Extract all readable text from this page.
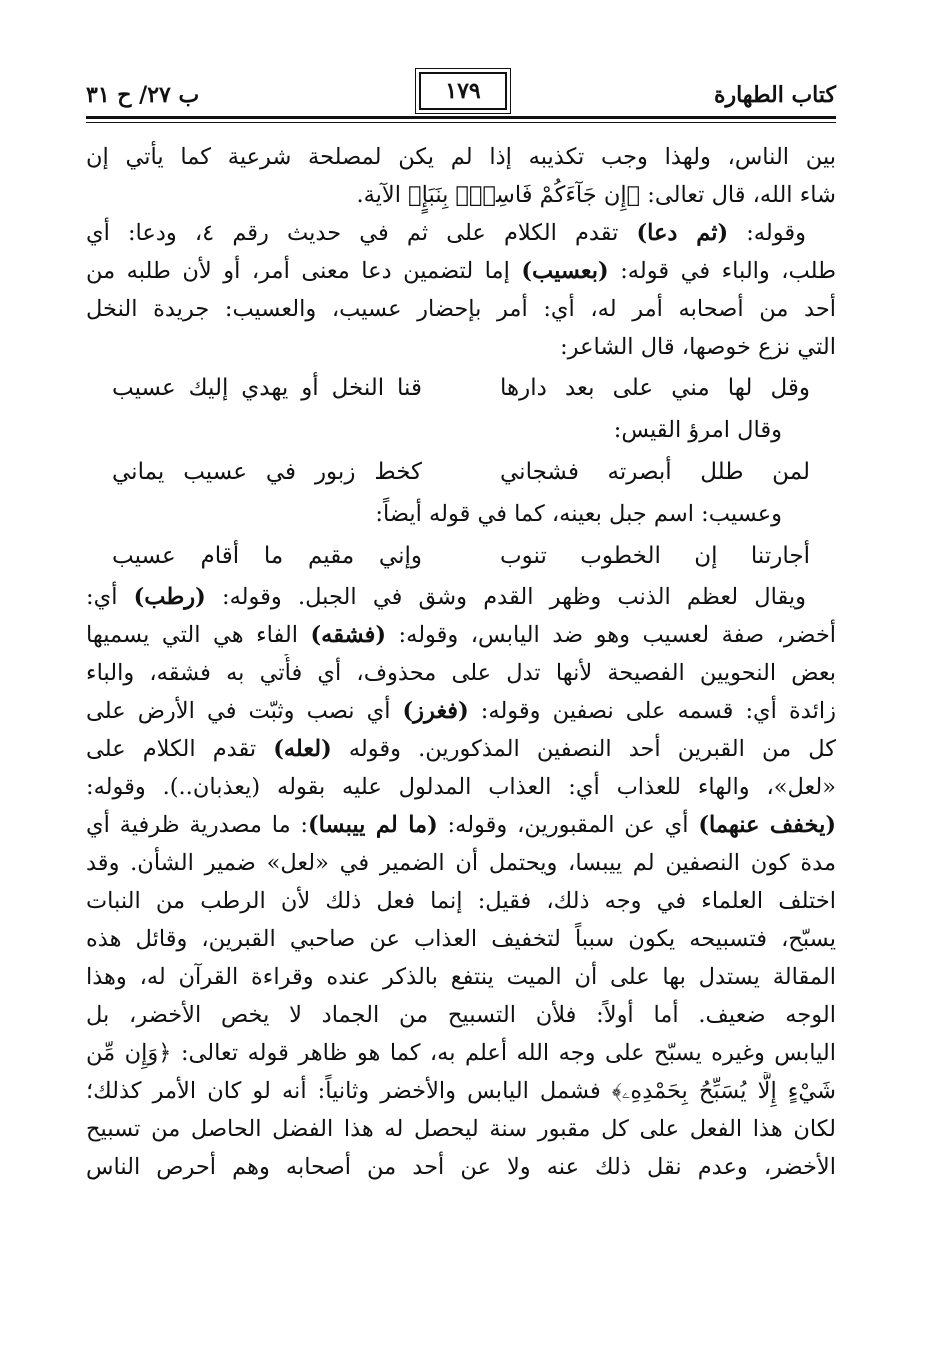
كتاب الطهارة
١٧٩
ب ٢٧/ ح ٣١
بين الناس، ولهذا وجب تكذيبه إذا لم يكن لمصلحة شرعية كما يأتي إن
شاء الله، قال تعالى: ﴿إِن جَآءَكُمْ فَاسِقُۢ بِنَبَإٍ﴾ الآية.
وقوله: (ثم دعا) تقدم الكلام على ثم في حديث رقم ٤، ودعا: أي
طلب، والباء في قوله: (بعسيب) إما لتضمين دعا معنى أمر، أو لأن طلبه من
أحد من أصحابه أمر له، أي: أمر بإحضار عسيب، والعسيب: جريدة النخل
التي نزع خوصها، قال الشاعر:
وقل لها مني على بعد دارها
قنا النخل أو يهدي إليك عسيب
وقال امرؤ القيس:
لمن طلل أبصرته فشجاني
كخط زبور في عسيب يماني
وعسيب: اسم جبل بعينه، كما في قوله أيضاً:
أجارتنا إن الخطوب تنوب
وإني مقيم ما أقام عسيب
ويقال لعظم الذنب وظهر القدم وشق في الجبل. وقوله: (رطب) أي:
أخضر، صفة لعسيب وهو ضد اليابس، وقوله: (فشقه) الفاء هي التي يسميها
بعض النحويين الفصيحة لأنها تدل على محذوف، أي فأُتي به فشقه، والباء
زائدة أي: قسمه على نصفين وقوله: (فغرز) أي نصب وثبّت في الأرض على
كل من القبرين أحد النصفين المذكورين. وقوله (لعله) تقدم الكلام على
«لعل»، والهاء للعذاب أي: العذاب المدلول عليه بقوله (يعذبان..). وقوله:
(يخفف عنهما) أي عن المقبورين، وقوله: (ما لم ييبسا): ما مصدرية ظرفية أي
مدة كون النصفين لم ييبسا، ويحتمل أن الضمير في «لعل» ضمير الشأن. وقد
اختلف العلماء في وجه ذلك، فقيل: إنما فعل ذلك لأن الرطب من النبات
يسبّح، فتسبيحه يكون سبباً لتخفيف العذاب عن صاحبي القبرين، وقائل هذه
المقالة يستدل بها على أن الميت ينتفع بالذكر عنده وقراءة القرآن له، وهذا
الوجه ضعيف. أما أولاً: فلأن التسبيح من الجماد لا يخص الأخضر، بل
اليابس وغيره يسبّح على وجه الله أعلم به، كما هو ظاهر قوله تعالى: ﴿وَإِن مِّن
شَيْءٍ إِلَّا يُسَبِّحُ بِحَمْدِهِۦ﴾ فشمل اليابس والأخضر وثانياً: أنه لو كان الأمر كذلك؛
لكان هذا الفعل على كل مقبور سنة ليحصل له هذا الفضل الحاصل من تسبيح
الأخضر، وعدم نقل ذلك عنه ولا عن أحد من أصحابه وهم أحرص الناس
